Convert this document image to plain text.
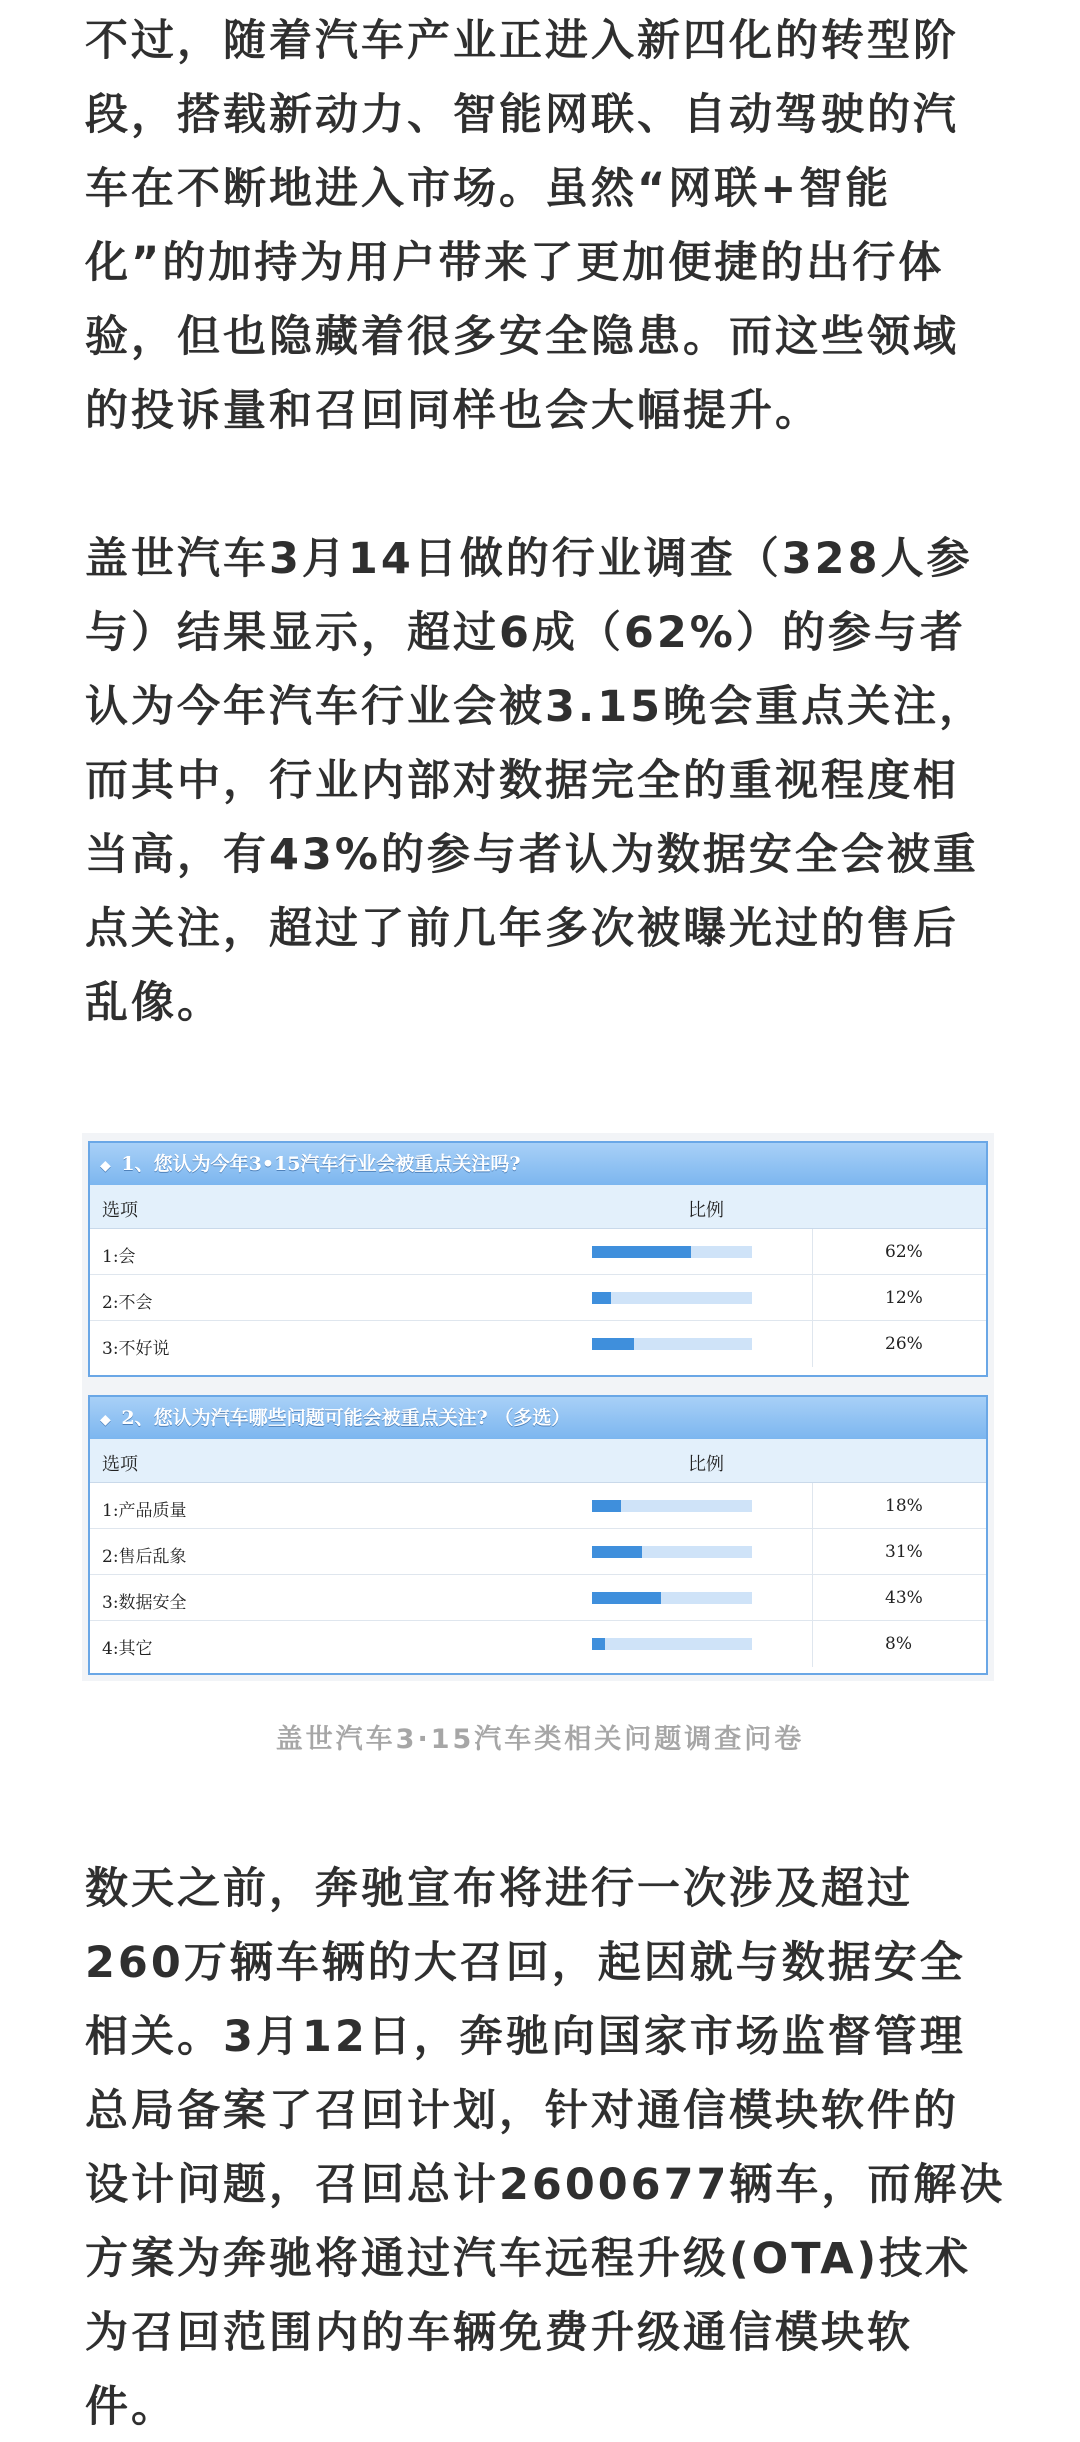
不过，随着汽车产业正进入新四化的转型阶
段，搭载新动力、智能网联、自动驾驶的汽
车在不断地进入市场。虽然“网联+智能
化”的加持为用户带来了更加便捷的出行体
验，但也隐藏着很多安全隐患。而这些领域
的投诉量和召回同样也会大幅提升。
盖世汽车3月14日做的行业调查（328人参
与）结果显示，超过6成（62%）的参与者
认为今年汽车行业会被3.15晚会重点关注，
而其中，行业内部对数据完全的重视程度相
当高，有43%的参与者认为数据安全会被重
点关注，超过了前几年多次被曝光过的售后
乱像。
◆ 1、您认为今年3•15汽车行业会被重点关注吗?
选项	比例
1:会	62%
2:不会	12%
3:不好说	26%
◆ 2、您认为汽车哪些问题可能会被重点关注? （多选）
选项	比例
1:产品质量	18%
2:售后乱象	31%
3:数据安全	43%
4:其它	8%
盖世汽车3·15汽车类相关问题调查问卷
数天之前，奔驰宣布将进行一次涉及超过
260万辆车辆的大召回，起因就与数据安全
相关。3月12日，奔驰向国家市场监督管理
总局备案了召回计划，针对通信模块软件的
设计问题，召回总计2600677辆车，而解决
方案为奔驰将通过汽车远程升级(OTA)技术
为召回范围内的车辆免费升级通信模块软
件。
